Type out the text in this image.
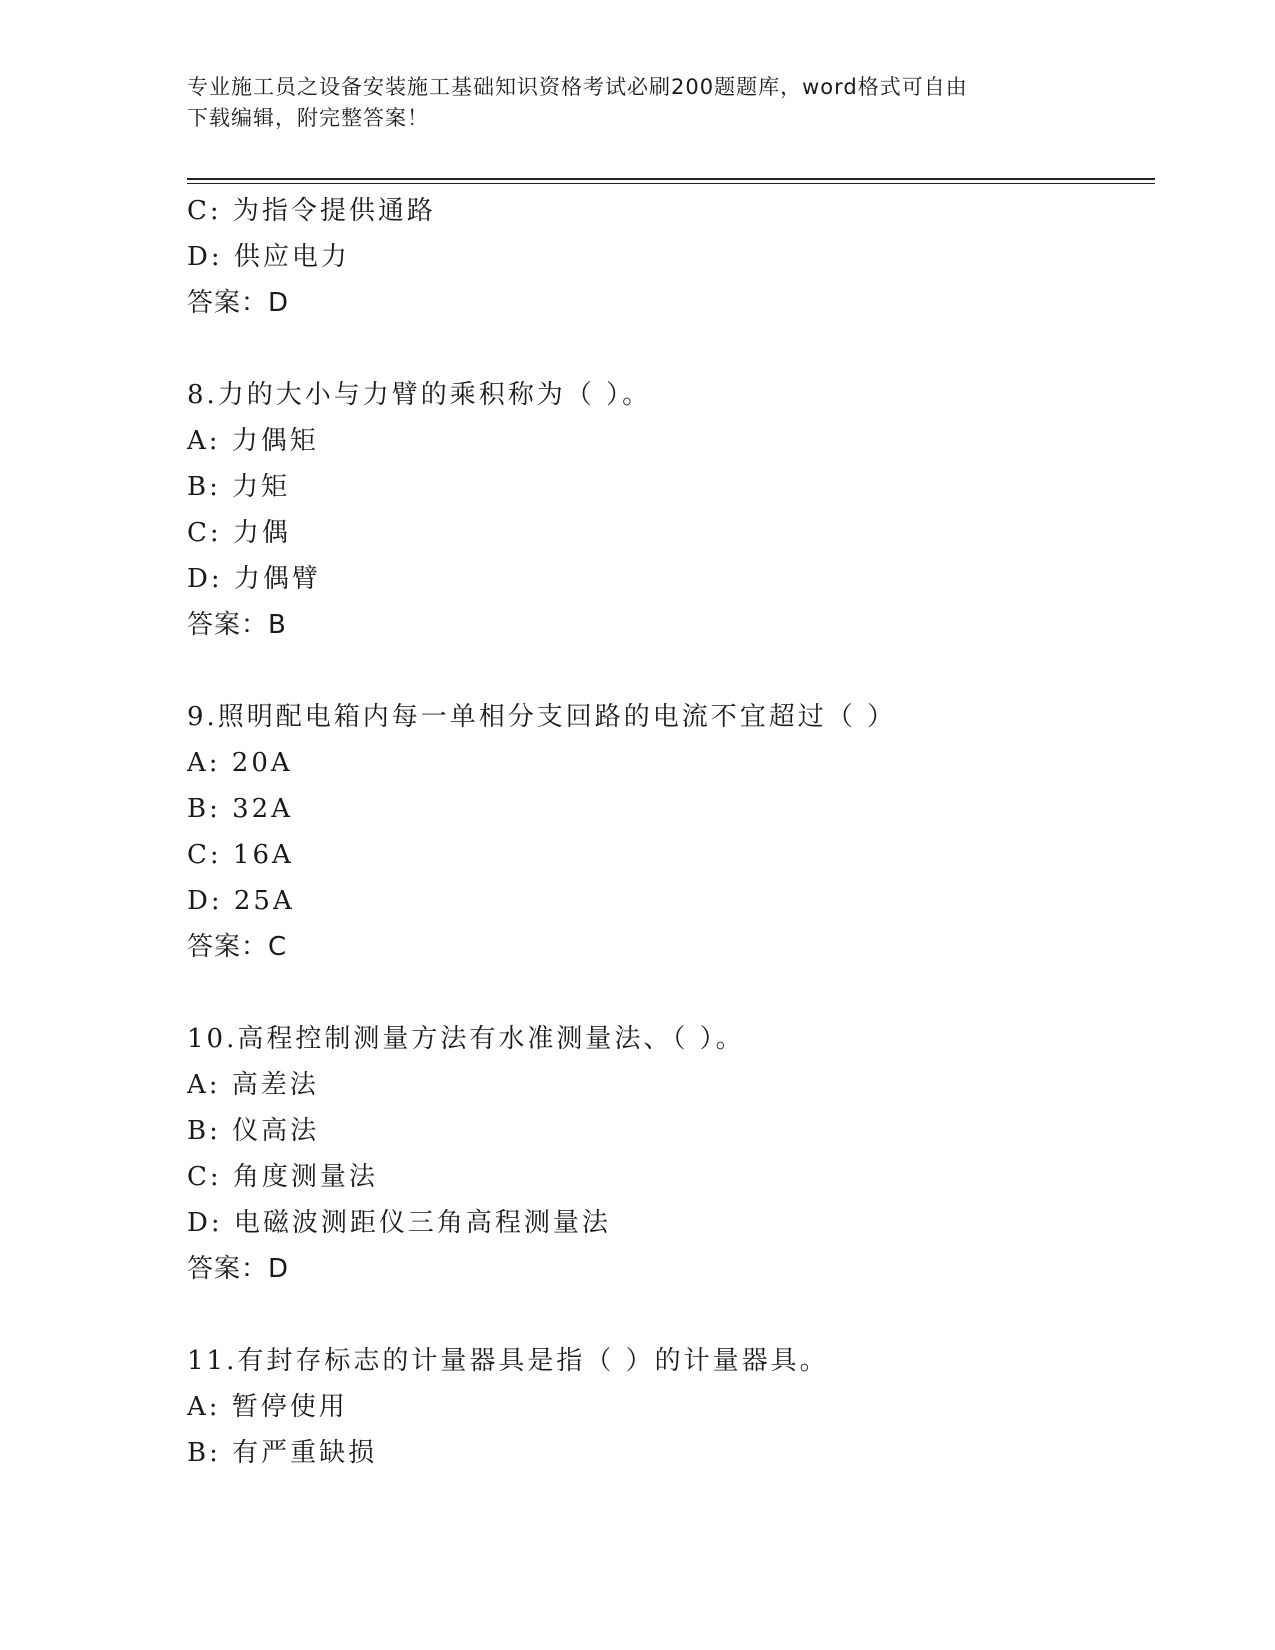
专业施工员之设备安装施工基础知识资格考试必刷200题题库，word格式可自由
下载编辑，附完整答案！
C: 为指令提供通路
D: 供应电力
答案：D
8.力的大小与力臂的乘积称为（ ）。
A: 力偶矩
B: 力矩
C: 力偶
D: 力偶臂
答案：B
9.照明配电箱内每一单相分支回路的电流不宜超过（ ）
A: 20A
B: 32A
C: 16A
D: 25A
答案：C
10.高程控制测量方法有水准测量法、（ ）。
A: 高差法
B: 仪高法
C: 角度测量法
D: 电磁波测距仪三角高程测量法
答案：D
11.有封存标志的计量器具是指（ ）的计量器具。
A: 暂停使用
B: 有严重缺损
